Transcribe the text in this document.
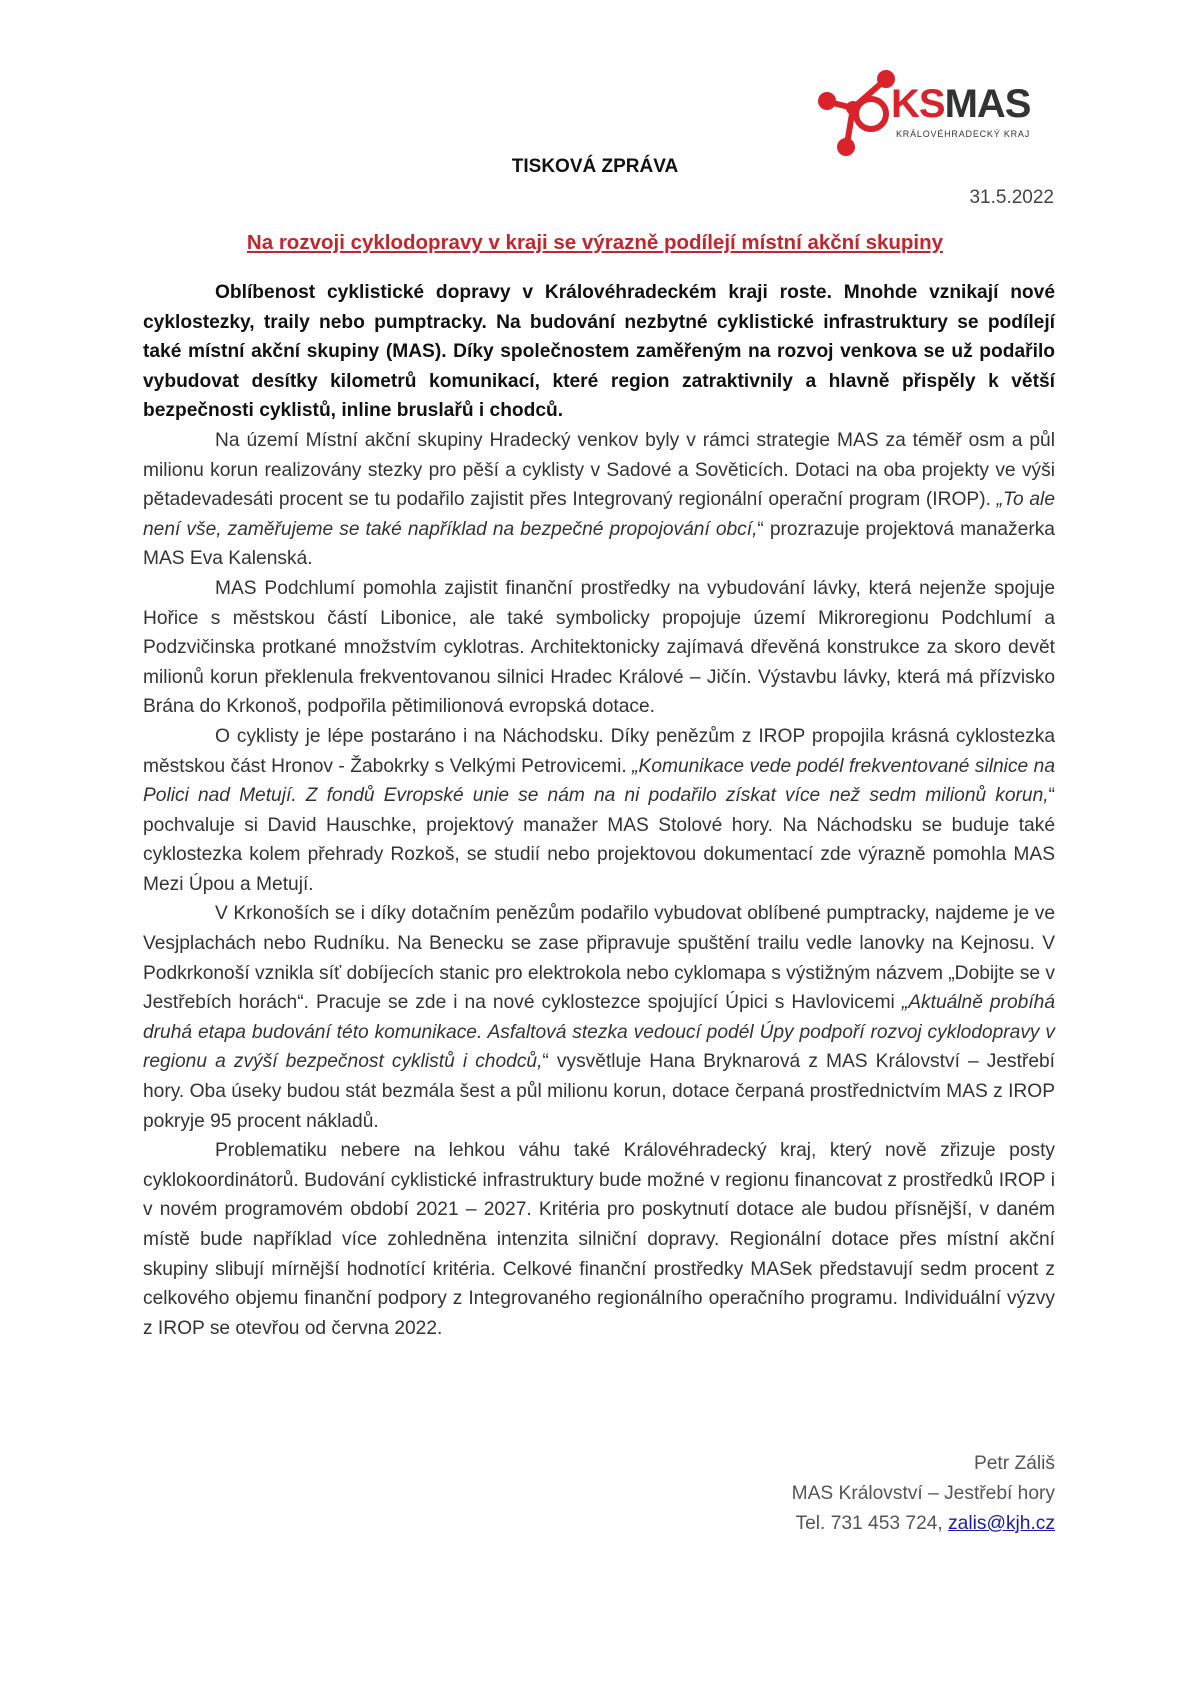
KSMAS
KRÁLOVÉHRADECKÝ KRAJ
TISKOVÁ ZPRÁVA
31.5.2022
Na rozvoji cyklodopravy v kraji se výrazně podílejí místní akční skupiny

Oblíbenost cyklistické dopravy v Královéhradeckém kraji roste. Mnohde vznikají nové cyklostezky, traily nebo pumptracky. Na budování nezbytné cyklistické infrastruktury se podílejí také místní akční skupiny (MAS). Díky společnostem zaměřeným na rozvoj venkova se už podařilo vybudovat desítky kilometrů komunikací, které region zatraktivnily a hlavně přispěly k větší bezpečnosti cyklistů, inline bruslařů i chodců.

Na území Místní akční skupiny Hradecký venkov byly v rámci strategie MAS za téměř osm a půl milionu korun realizovány stezky pro pěší a cyklisty v Sadové a Sověticích. Dotaci na oba projekty ve výši pětadevadesáti procent se tu podařilo zajistit přes Integrovaný regionální operační program (IROP). „To ale není vše, zaměřujeme se také například na bezpečné propojování obcí,“ prozrazuje projektová manažerka MAS Eva Kalenská.

MAS Podchlumí pomohla zajistit finanční prostředky na vybudování lávky, která nejenže spojuje Hořice s městskou částí Libonice, ale také symbolicky propojuje území Mikroregionu Podchlumí a Podzvičinska protkané množstvím cyklotras. Architektonicky zajímavá dřevěná konstrukce za skoro devět milionů korun překlenula frekventovanou silnici Hradec Králové – Jičín. Výstavbu lávky, která má přízvisko Brána do Krkonoš, podpořila pětimilionová evropská dotace.

O cyklisty je lépe postaráno i na Náchodsku. Díky penězům z IROP propojila krásná cyklostezka městskou část Hronov - Žabokrky s Velkými Petrovicemi. „Komunikace vede podél frekventované silnice na Polici nad Metují. Z fondů Evropské unie se nám na ni podařilo získat více než sedm milionů korun,“ pochvaluje si David Hauschke, projektový manažer MAS Stolové hory. Na Náchodsku se buduje také cyklostezka kolem přehrady Rozkoš, se studií nebo projektovou dokumentací zde výrazně pomohla MAS Mezi Úpou a Metují.

V Krkonoších se i díky dotačním penězům podařilo vybudovat oblíbené pumptracky, najdeme je ve Vesjplachách nebo Rudníku. Na Benecku se zase připravuje spuštění trailu vedle lanovky na Kejnosu. V Podkrkonoší vznikla síť dobíjecích stanic pro elektrokola nebo cyklomapa s výstižným názvem „Dobijte se v Jestřebích horách“. Pracuje se zde i na nové cyklostezce spojující Úpici s Havlovicemi „Aktuálně probíhá druhá etapa budování této komunikace. Asfaltová stezka vedoucí podél Úpy podpoří rozvoj cyklodopravy v regionu a zvýší bezpečnost cyklistů i chodců,“ vysvětluje Hana Bryknarová z MAS Království – Jestřebí hory. Oba úseky budou stát bezmála šest a půl milionu korun, dotace čerpaná prostřednictvím MAS z IROP pokryje 95 procent nákladů.

Problematiku nebere na lehkou váhu také Královéhradecký kraj, který nově zřizuje posty cyklokoordinátorů. Budování cyklistické infrastruktury bude možné v regionu financovat z prostředků IROP i v novém programovém období 2021 – 2027. Kritéria pro poskytnutí dotace ale budou přísnější, v daném místě bude například více zohledněna intenzita silniční dopravy. Regionální dotace přes místní akční skupiny slibují mírnější hodnotící kritéria. Celkové finanční prostředky MASek představují sedm procent z celkového objemu finanční podpory z Integrovaného regionálního operačního programu. Individuální výzvy z IROP se otevřou od června 2022.

Petr Záliš
MAS Království – Jestřebí hory
Tel. 731 453 724, zalis@kjh.cz
